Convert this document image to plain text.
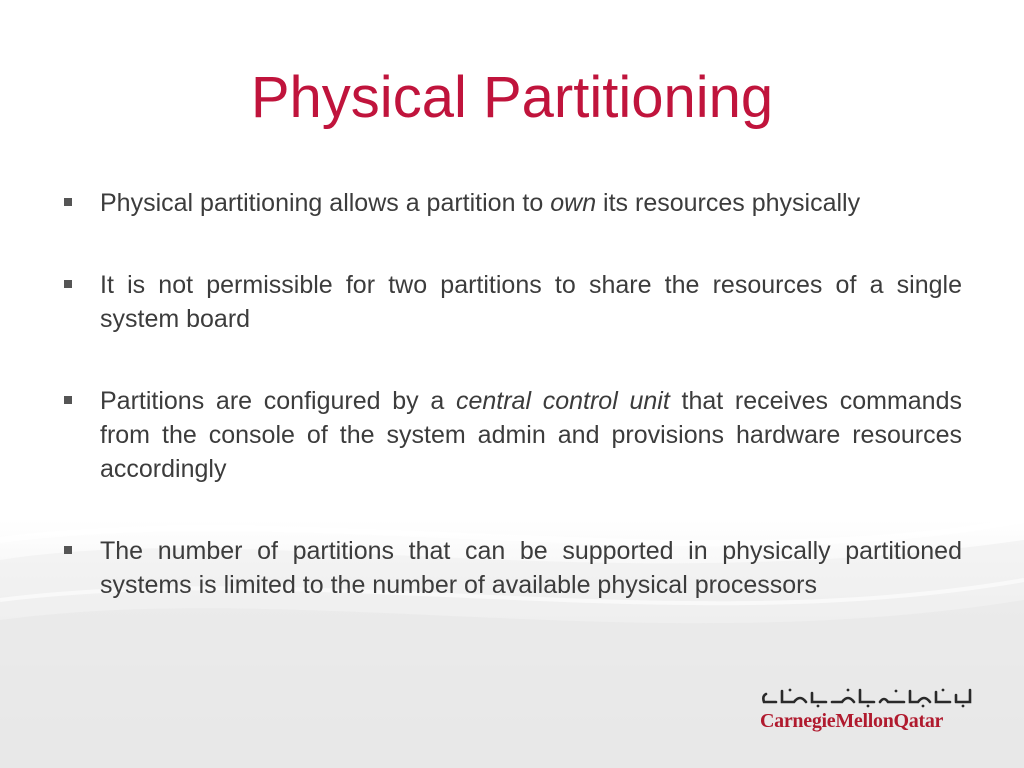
Physical Partitioning
Physical partitioning allows a partition to own its resources physically
It is not permissible for two partitions to share the resources of a single system board
Partitions are configured by a central control unit that receives commands from the console of the system admin and provisions hardware resources accordingly
The number of partitions that can be supported in physically partitioned systems is limited to the number of available physical processors
CarnegieMellonQatar
